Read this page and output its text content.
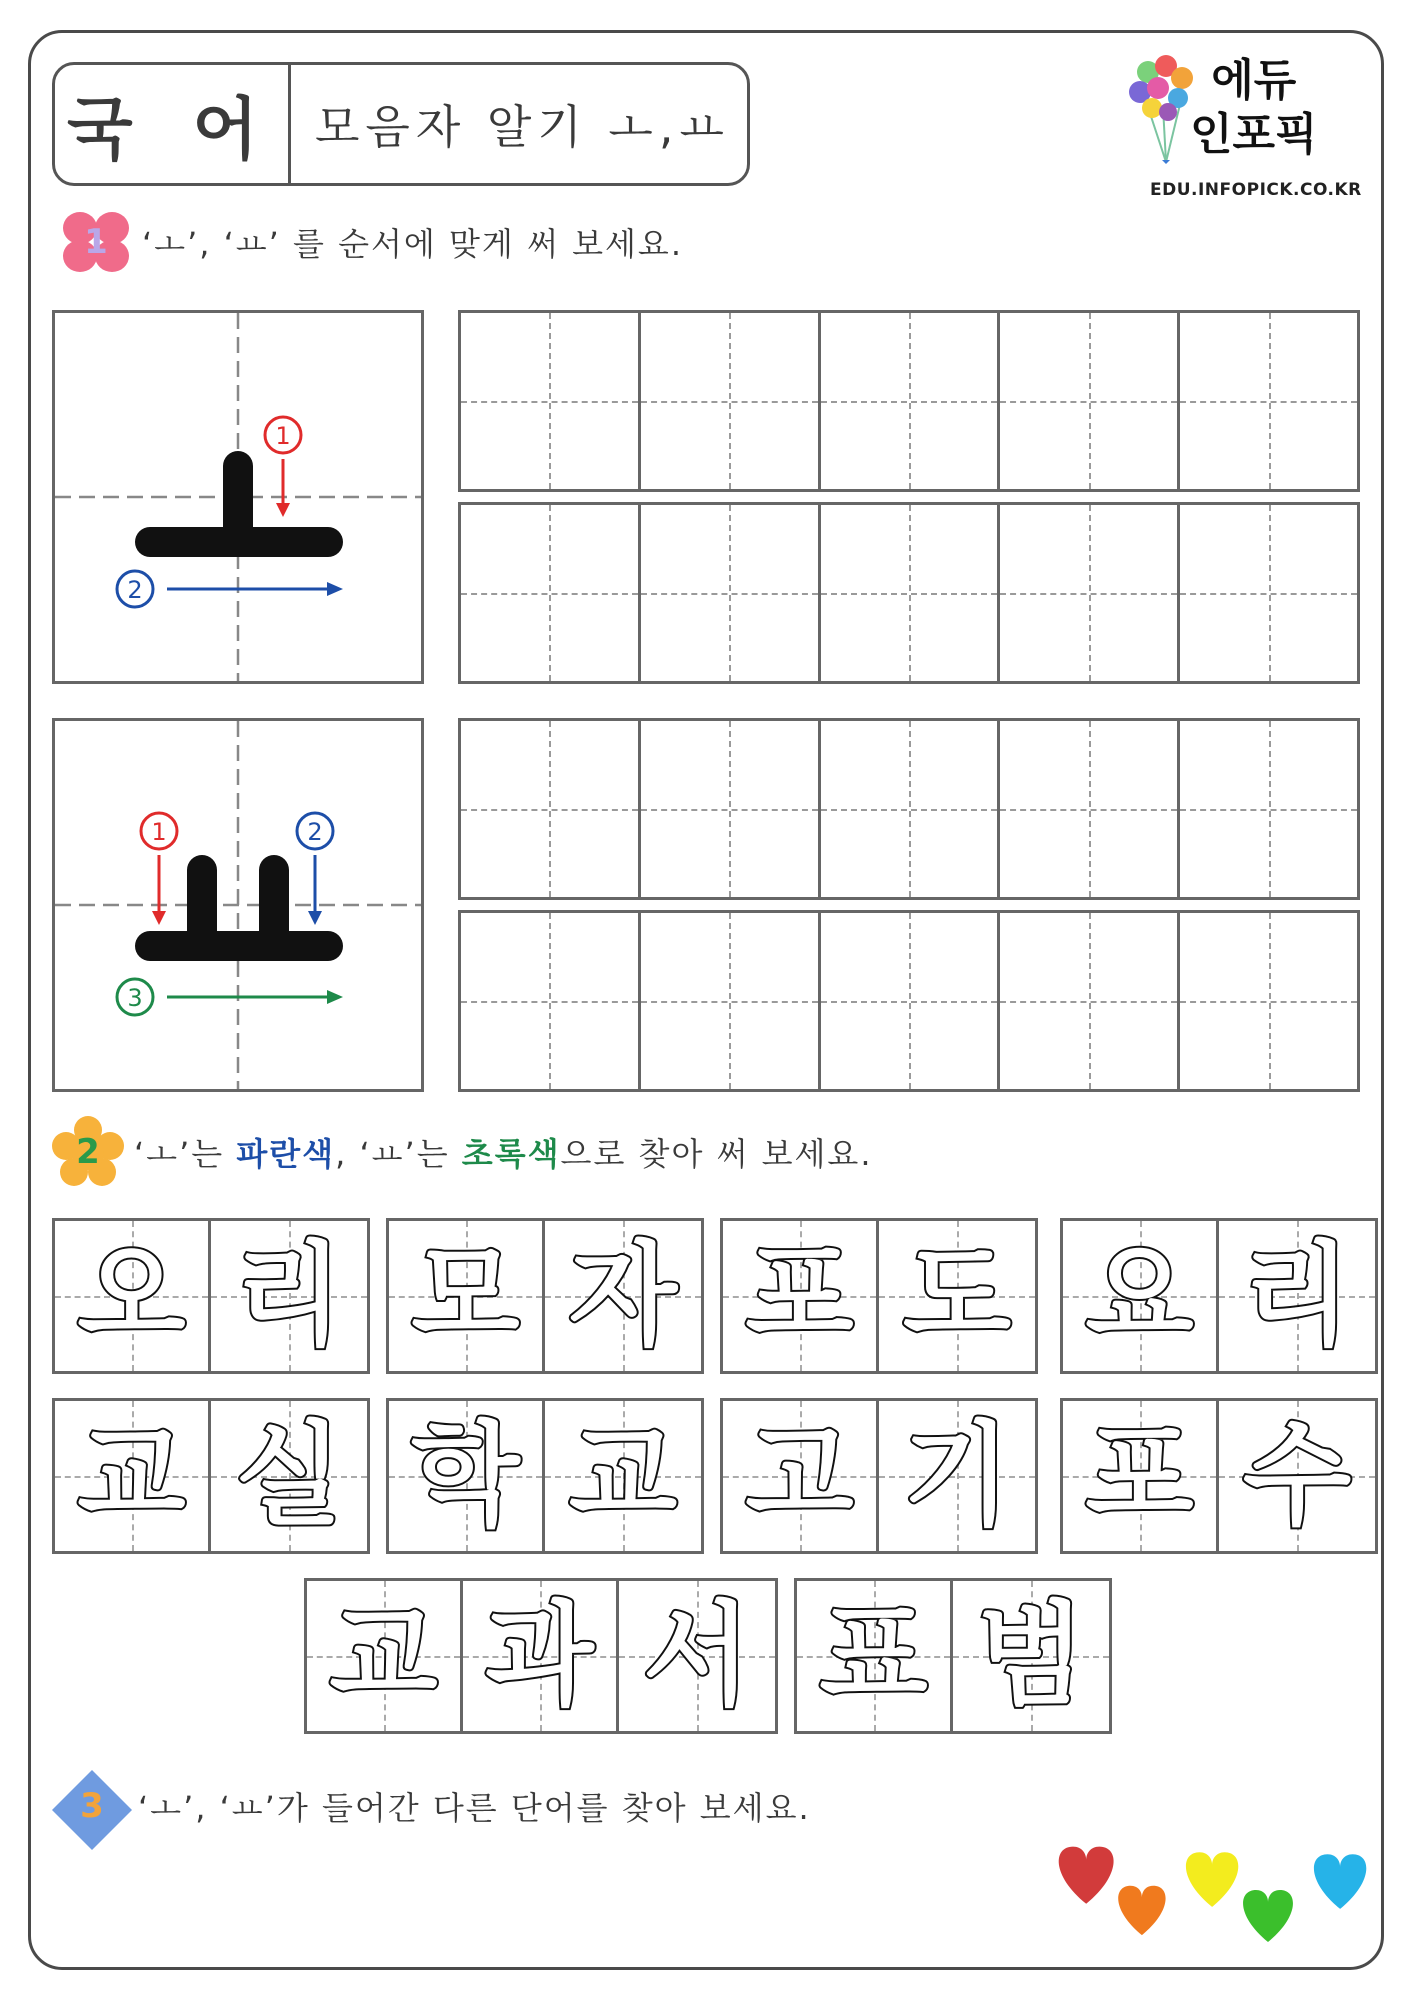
국 어 모음자 알기 ㅗ,ㅛ
에듀
인포픽
EDU.INFOPICK.CO.KR
1 ‘ㅗ’, ‘ㅛ’ 를 순서에 맞게 써 보세요.
1
2
1	2
3
2 ‘ㅗ’는 파란색, ‘ㅛ’는 초록색으로 찾아 써 보세요.
오 리 모 자 포 도 요 리
교 실 학 교 고 기 포 수
교 과 서 표 범
3 ‘ㅗ’, ‘ㅛ’가 들어간 다른 단어를 찾아 보세요.
